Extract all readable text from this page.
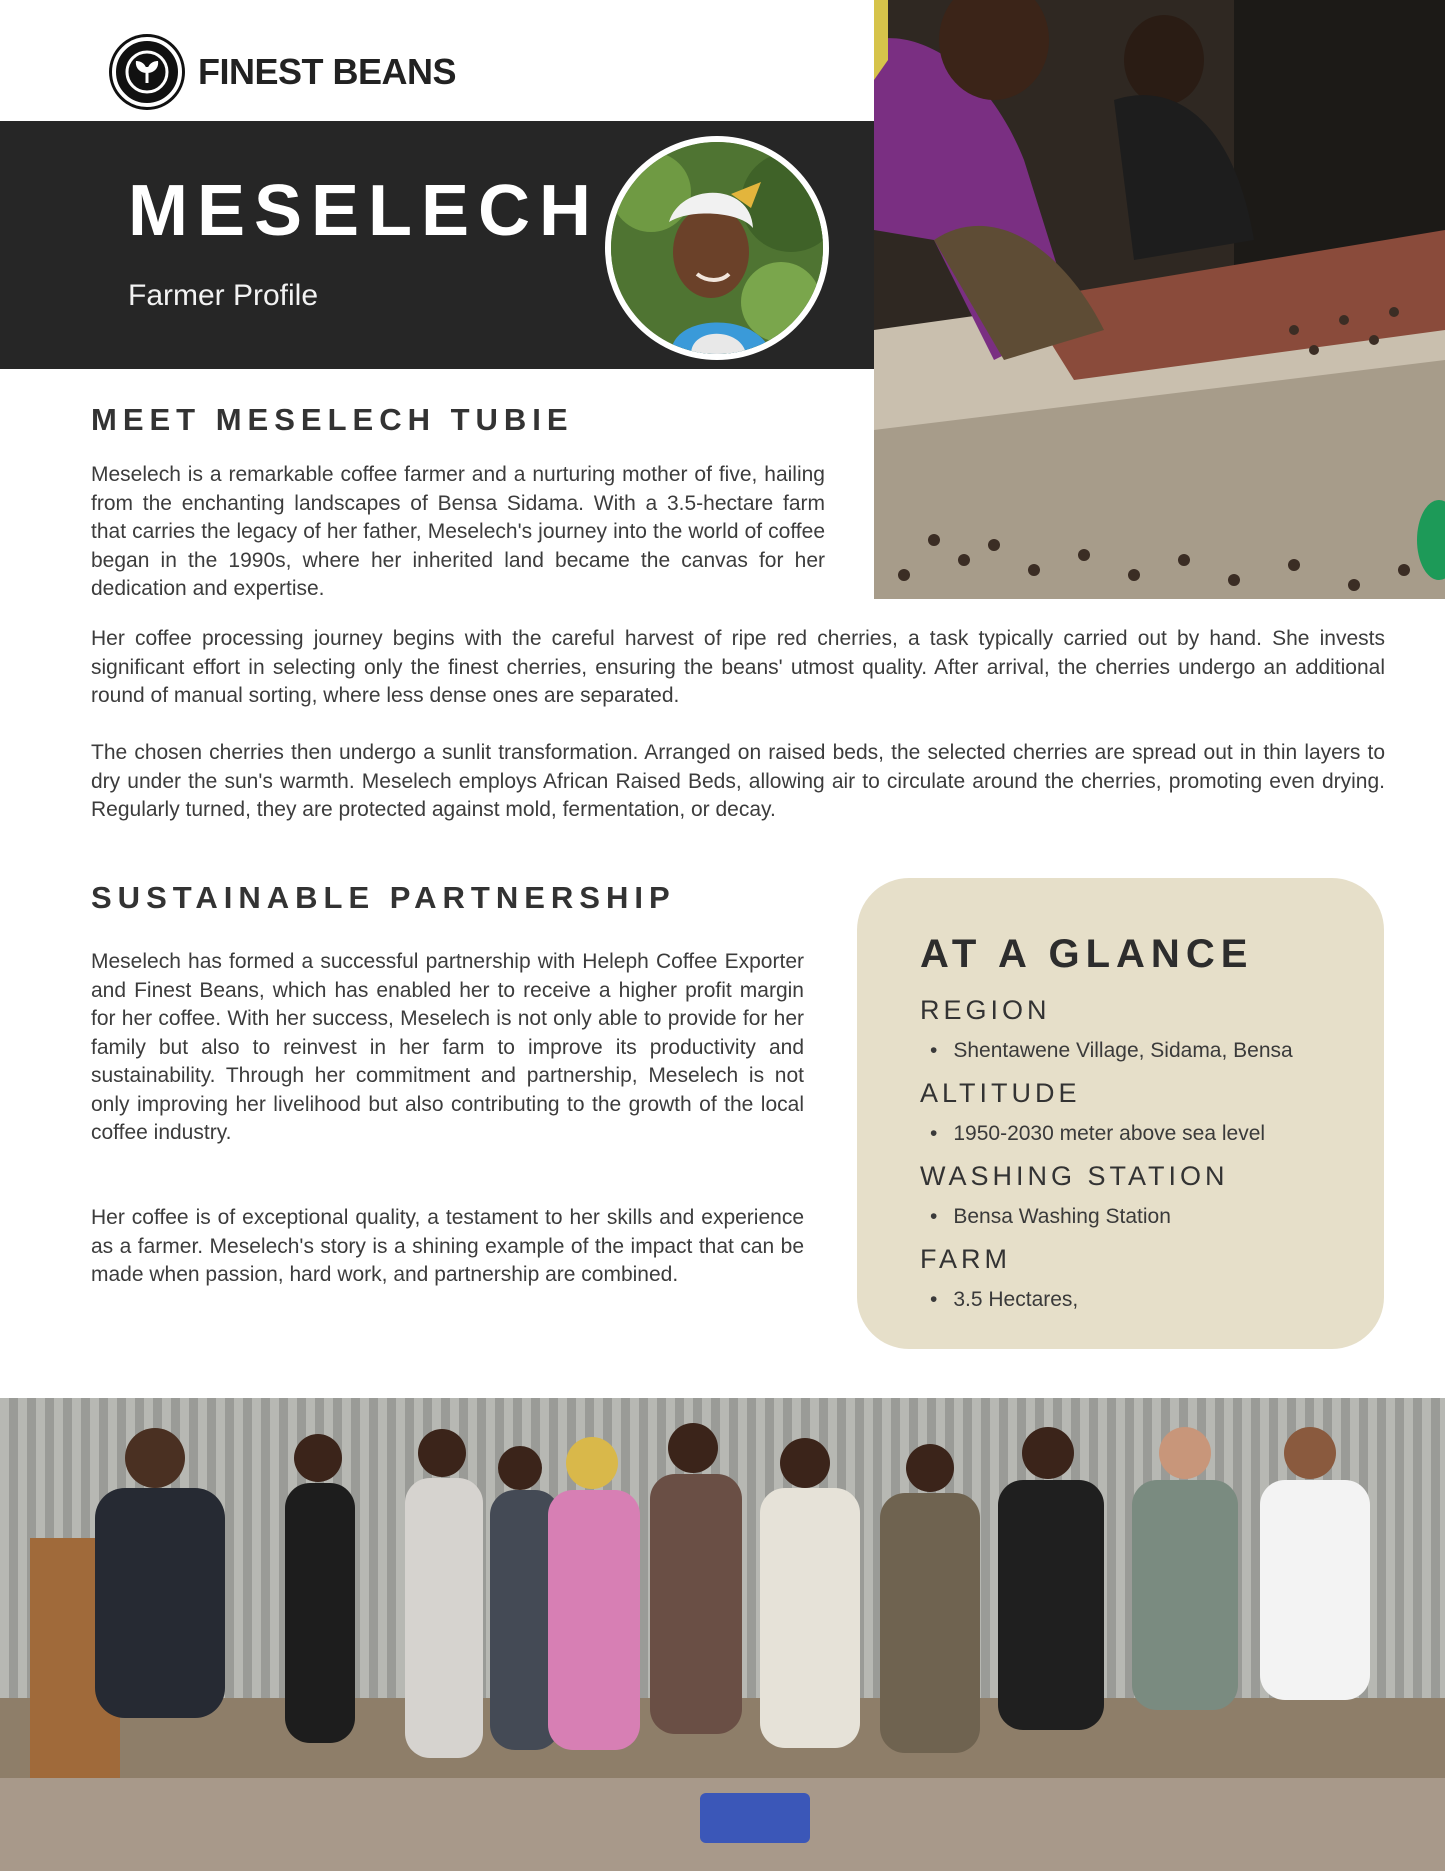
FINEST BEANS
MESELECH
Farmer Profile
MEET MESELECH TUBIE

Meselech is a remarkable coffee farmer and a nurturing mother of five, hailing from the enchanting landscapes of Bensa Sidama. With a 3.5-hectare farm that carries the legacy of her father, Meselech's journey into the world of coffee began in the 1990s, where her inherited land became the canvas for her dedication and expertise.

Her coffee processing journey begins with the careful harvest of ripe red cherries, a task typically carried out by hand. She invests significant effort in selecting only the finest cherries, ensuring the beans' utmost quality. After arrival, the cherries undergo an additional round of manual sorting, where less dense ones are separated.

The chosen cherries then undergo a sunlit transformation. Arranged on raised beds, the selected cherries are spread out in thin layers to dry under the sun's warmth. Meselech employs African Raised Beds, allowing air to circulate around the cherries, promoting even drying. Regularly turned, they are protected against mold, fermentation, or decay.

SUSTAINABLE PARTNERSHIP

Meselech has formed a successful partnership with Heleph Coffee Exporter and Finest Beans, which has enabled her to receive a higher profit margin for her coffee. With her success, Meselech is not only able to provide for her family but also to reinvest in her farm to improve its productivity and sustainability. Through her commitment and partnership, Meselech is not only improving her livelihood but also contributing to the growth of the local coffee industry.

Her coffee is of exceptional quality, a testament to her skills and experience as a farmer. Meselech's story is a shining example of the impact that can be made when passion, hard work, and partnership are combined.

AT A GLANCE
REGION
• Shentawene Village, Sidama, Bensa
ALTITUDE
• 1950-2030 meter above sea level
WASHING STATION
• Bensa Washing Station
FARM
• 3.5 Hectares,
